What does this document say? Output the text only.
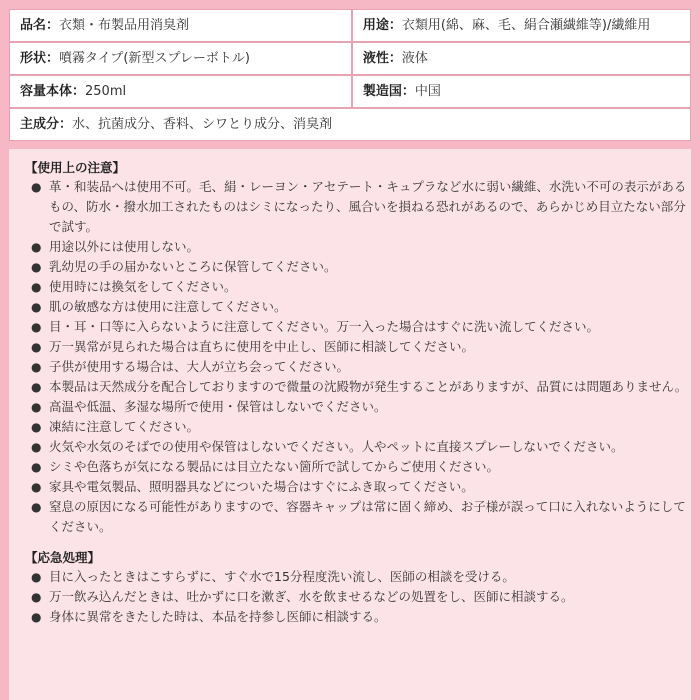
品名：衣類・布製品用消臭剤	用途：衣類用(綿、麻、毛、絹合瀬繊維等)/繊維用
形状：噴霧タイプ(新型スプレーボトル)	液性：液体
容量本体：250ml	製造国：中国
主成分：水、抗菌成分、香料、シワとり成分、消臭剤	
【使用上の注意】
● 革・和装品へは使用不可。毛、絹・レーヨン・アセテート・キュプラなど水に弱い繊維、水洗い不可の表示があるもの、防水・撥水加工されたものはシミになったり、風合いを損ねる恐れがあるので、あらかじめ目立たない部分で試す。
● 用途以外には使用しない。
● 乳幼児の手の届かないところに保管してください。
● 使用時には換気をしてください。
● 肌の敏感な方は使用に注意してください。
● 目・耳・口等に入らないように注意してください。万一入った場合はすぐに洗い流してください。
● 万一異常が見られた場合は直ちに使用を中止し、医師に相談してください。
● 子供が使用する場合は、大人が立ち会ってください。
● 本製品は天然成分を配合しておりますので微量の沈殿物が発生することがありますが、品質には問題ありません。
● 高温や低温、多湿な場所で使用・保管はしないでください。
● 凍結に注意してください。
● 火気や水気のそばでの使用や保管はしないでください。人やペットに直接スプレーしないでください。
● シミや色落ちが気になる製品には目立たない箇所で試してからご使用ください。
● 家具や電気製品、照明器具などについた場合はすぐにふき取ってください。
● 窒息の原因になる可能性がありますので、容器キャップは常に固く締め、お子様が誤って口に入れないようにしてください。
【応急処理】
● 目に入ったときはこすらずに、すぐ水で15分程度洗い流し、医師の相談を受ける。
● 万一飲み込んだときは、吐かずに口を漱ぎ、水を飲ませるなどの処置をし、医師に相談する。
● 身体に異常をきたした時は、本品を持参し医師に相談する。
